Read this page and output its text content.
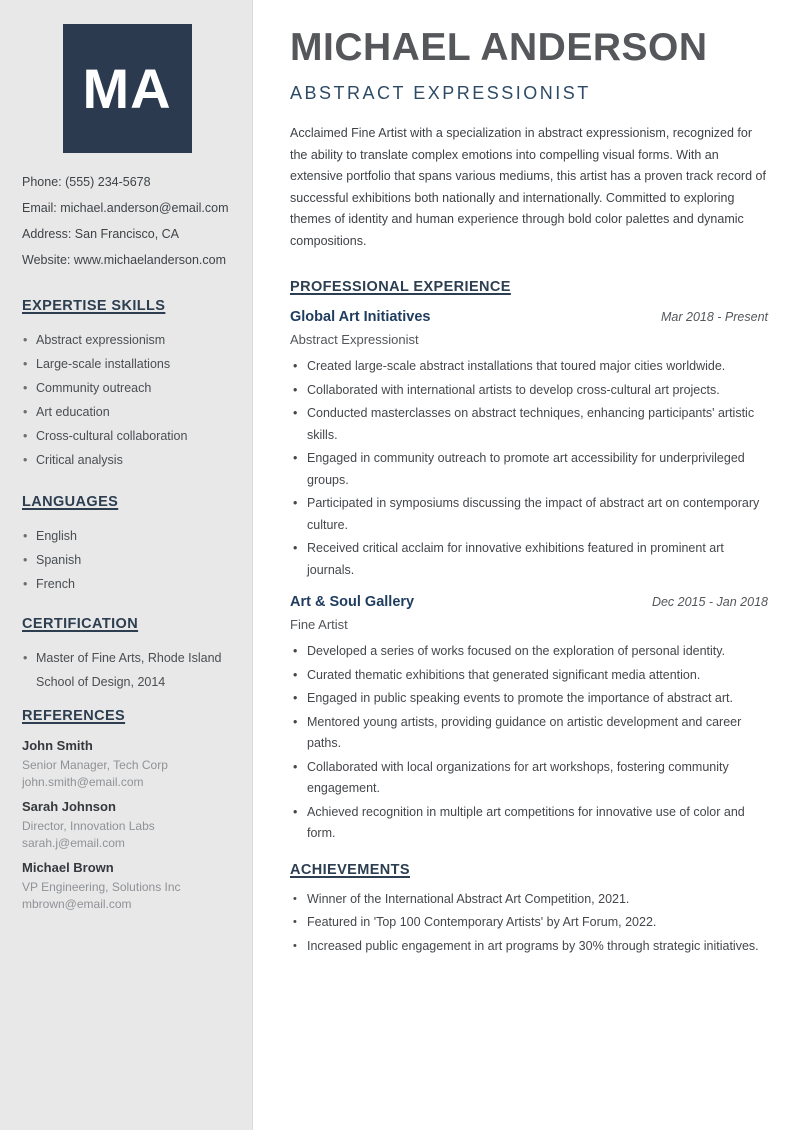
MA
Phone: (555) 234-5678
Email: michael.anderson@email.com
Address: San Francisco, CA
Website: www.michaelanderson.com
EXPERTISE SKILLS
• Abstract expressionism
• Large-scale installations
• Community outreach
• Art education
• Cross-cultural collaboration
• Critical analysis
LANGUAGES
• English
• Spanish
• French
CERTIFICATION
• Master of Fine Arts, Rhode Island School of Design, 2014
REFERENCES
John Smith
Senior Manager, Tech Corp
john.smith@email.com
Sarah Johnson
Director, Innovation Labs
sarah.j@email.com
Michael Brown
VP Engineering, Solutions Inc
mbrown@email.com
MICHAEL ANDERSON
ABSTRACT EXPRESSIONIST

Acclaimed Fine Artist with a specialization in abstract expressionism, recognized for the ability to translate complex emotions into compelling visual forms. With an extensive portfolio that spans various mediums, this artist has a proven track record of successful exhibitions both nationally and internationally. Committed to exploring themes of identity and human experience through bold color palettes and dynamic compositions.

PROFESSIONAL EXPERIENCE
Global Art Initiatives	Mar 2018 - Present
Abstract Expressionist
• Created large-scale abstract installations that toured major cities worldwide.
• Collaborated with international artists to develop cross-cultural art projects.
• Conducted masterclasses on abstract techniques, enhancing participants' artistic skills.
• Engaged in community outreach to promote art accessibility for underprivileged groups.
• Participated in symposiums discussing the impact of abstract art on contemporary culture.
• Received critical acclaim for innovative exhibitions featured in prominent art journals.
Art & Soul Gallery	Dec 2015 - Jan 2018
Fine Artist
• Developed a series of works focused on the exploration of personal identity.
• Curated thematic exhibitions that generated significant media attention.
• Engaged in public speaking events to promote the importance of abstract art.
• Mentored young artists, providing guidance on artistic development and career paths.
• Collaborated with local organizations for art workshops, fostering community engagement.
• Achieved recognition in multiple art competitions for innovative use of color and form.
ACHIEVEMENTS
• Winner of the International Abstract Art Competition, 2021.
• Featured in 'Top 100 Contemporary Artists' by Art Forum, 2022.
• Increased public engagement in art programs by 30% through strategic initiatives.
